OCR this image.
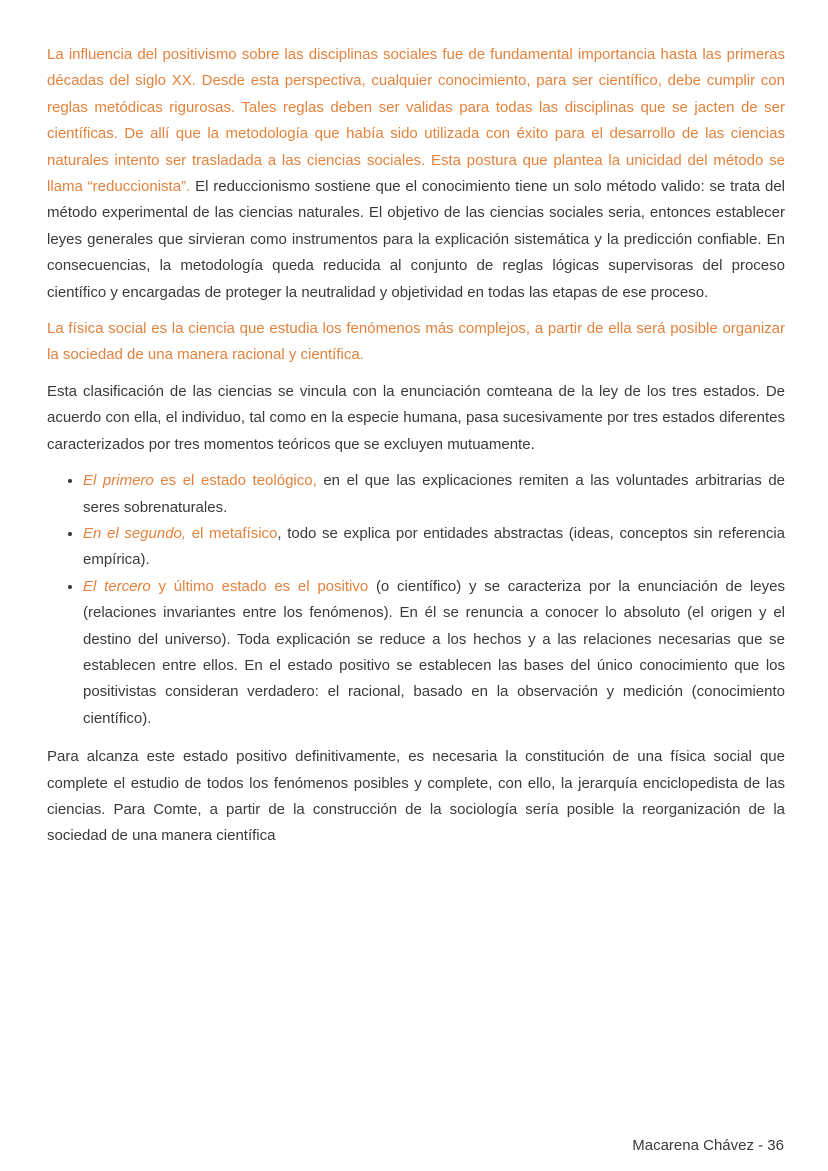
La influencia del positivismo sobre las disciplinas sociales fue de fundamental importancia hasta las primeras décadas del siglo XX. Desde esta perspectiva, cualquier conocimiento, para ser científico, debe cumplir con reglas metódicas rigurosas. Tales reglas deben ser validas para todas las disciplinas que se jacten de ser científicas. De allí que la metodología que había sido utilizada con éxito para el desarrollo de las ciencias naturales intento ser trasladada a las ciencias sociales. Esta postura que plantea la unicidad del método se llama “reduccionista”. El reduccionismo sostiene que el conocimiento tiene un solo método valido: se trata del método experimental de las ciencias naturales. El objetivo de las ciencias sociales seria, entonces establecer leyes generales que sirvieran como instrumentos para la explicación sistemática y la predicción confiable. En consecuencias, la metodología queda reducida al conjunto de reglas lógicas supervisoras del proceso científico y encargadas de proteger la neutralidad y objetividad en todas las etapas de ese proceso.

La física social es la ciencia que estudia los fenómenos más complejos, a partir de ella será posible organizar la sociedad de una manera racional y científica.

Esta clasificación de las ciencias se vincula con la enunciación comteana de la ley de los tres estados. De acuerdo con ella, el individuo, tal como en la especie humana, pasa sucesivamente por tres estados diferentes caracterizados por tres momentos teóricos que se excluyen mutuamente.

• El primero es el estado teológico, en el que las explicaciones remiten a las voluntades arbitrarias de seres sobrenaturales.
• En el segundo, el metafísico, todo se explica por entidades abstractas (ideas, conceptos sin referencia empírica).
• El tercero y último estado es el positivo (o científico) y se caracteriza por la enunciación de leyes (relaciones invariantes entre los fenómenos). En él se renuncia a conocer lo absoluto (el origen y el destino del universo). Toda explicación se reduce a los hechos y a las relaciones necesarias que se establecen entre ellos. En el estado positivo se establecen las bases del único conocimiento que los positivistas consideran verdadero: el racional, basado en la observación y medición (conocimiento científico).

Para alcanza este estado positivo definitivamente, es necesaria la constitución de una física social que complete el estudio de todos los fenómenos posibles y complete, con ello, la jerarquía enciclopedista de las ciencias. Para Comte, a partir de la construcción de la sociología sería posible la reorganización de la sociedad de una manera científica

Macarena Chávez - 36
